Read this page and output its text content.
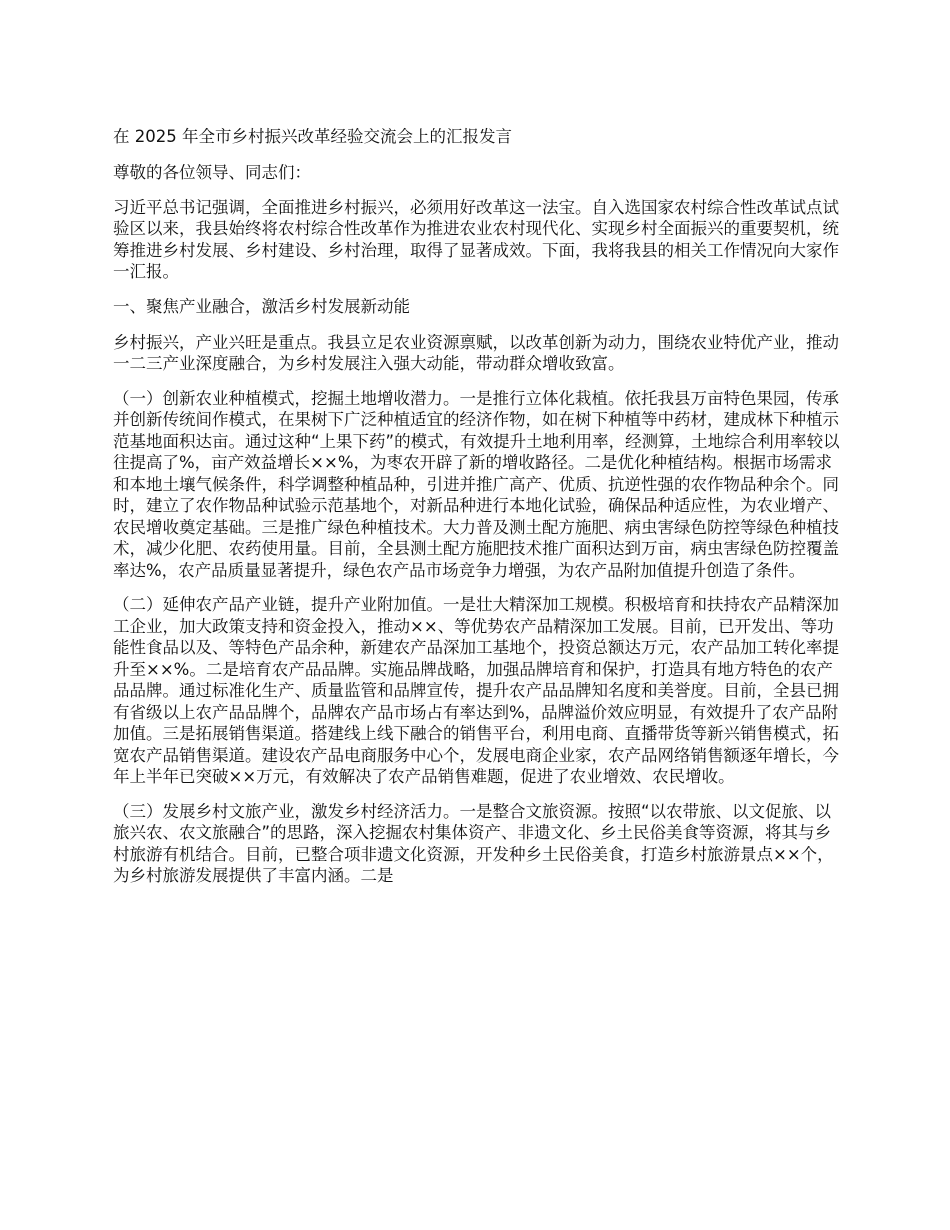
在 2025 年全市乡村振兴改革经验交流会上的汇报发言
尊敬的各位领导、同志们：
习近平总书记强调，全面推进乡村振兴，必须用好改革这一法宝。自入选国家农村综合性改革试点试验区以来，我县始终将农村综合性改革作为推进农业农村现代化、实现乡村全面振兴的重要契机，统筹推进乡村发展、乡村建设、乡村治理，取得了显著成效。下面，我将我县的相关工作情况向大家作一汇报。
一、聚焦产业融合，激活乡村发展新动能
乡村振兴，产业兴旺是重点。我县立足农业资源禀赋，以改革创新为动力，围绕农业特优产业，推动一二三产业深度融合，为乡村发展注入强大动能，带动群众增收致富。
（一）创新农业种植模式，挖掘土地增收潜力。一是推行立体化栽植。依托我县万亩特色果园，传承并创新传统间作模式，在果树下广泛种植适宜的经济作物，如在树下种植等中药材，建成林下种植示范基地面积达亩。通过这种“上果下药”的模式，有效提升土地利用率，经测算，土地综合利用率较以往提高了%，亩产效益增长××%，为枣农开辟了新的增收路径。二是优化种植结构。根据市场需求和本地土壤气候条件，科学调整种植品种，引进并推广高产、优质、抗逆性强的农作物品种余个。同时，建立了农作物品种试验示范基地个，对新品种进行本地化试验，确保品种适应性，为农业增产、农民增收奠定基础。三是推广绿色种植技术。大力普及测土配方施肥、病虫害绿色防控等绿色种植技术，减少化肥、农药使用量。目前，全县测土配方施肥技术推广面积达到万亩，病虫害绿色防控覆盖率达%，农产品质量显著提升，绿色农产品市场竞争力增强，为农产品附加值提升创造了条件。
（二）延伸农产品产业链，提升产业附加值。一是壮大精深加工规模。积极培育和扶持农产品精深加工企业，加大政策支持和资金投入，推动××、等优势农产品精深加工发展。目前，已开发出、等功能性食品以及、等特色产品余种，新建农产品深加工基地个，投资总额达万元，农产品加工转化率提升至××%。二是培育农产品品牌。实施品牌战略，加强品牌培育和保护，打造具有地方特色的农产品品牌。通过标准化生产、质量监管和品牌宣传，提升农产品品牌知名度和美誉度。目前，全县已拥有省级以上农产品品牌个，品牌农产品市场占有率达到%，品牌溢价效应明显，有效提升了农产品附加值。三是拓展销售渠道。搭建线上线下融合的销售平台，利用电商、直播带货等新兴销售模式，拓宽农产品销售渠道。建设农产品电商服务中心个，发展电商企业家，农产品网络销售额逐年增长，今年上半年已突破××万元，有效解决了农产品销售难题，促进了农业增效、农民增收。
（三）发展乡村文旅产业，激发乡村经济活力。一是整合文旅资源。按照“以农带旅、以文促旅、以旅兴农、农文旅融合”的思路，深入挖掘农村集体资产、非遗文化、乡土民俗美食等资源，将其与乡村旅游有机结合。目前，已整合项非遗文化资源，开发种乡土民俗美食，打造乡村旅游景点××个，为乡村旅游发展提供了丰富内涵。二是
